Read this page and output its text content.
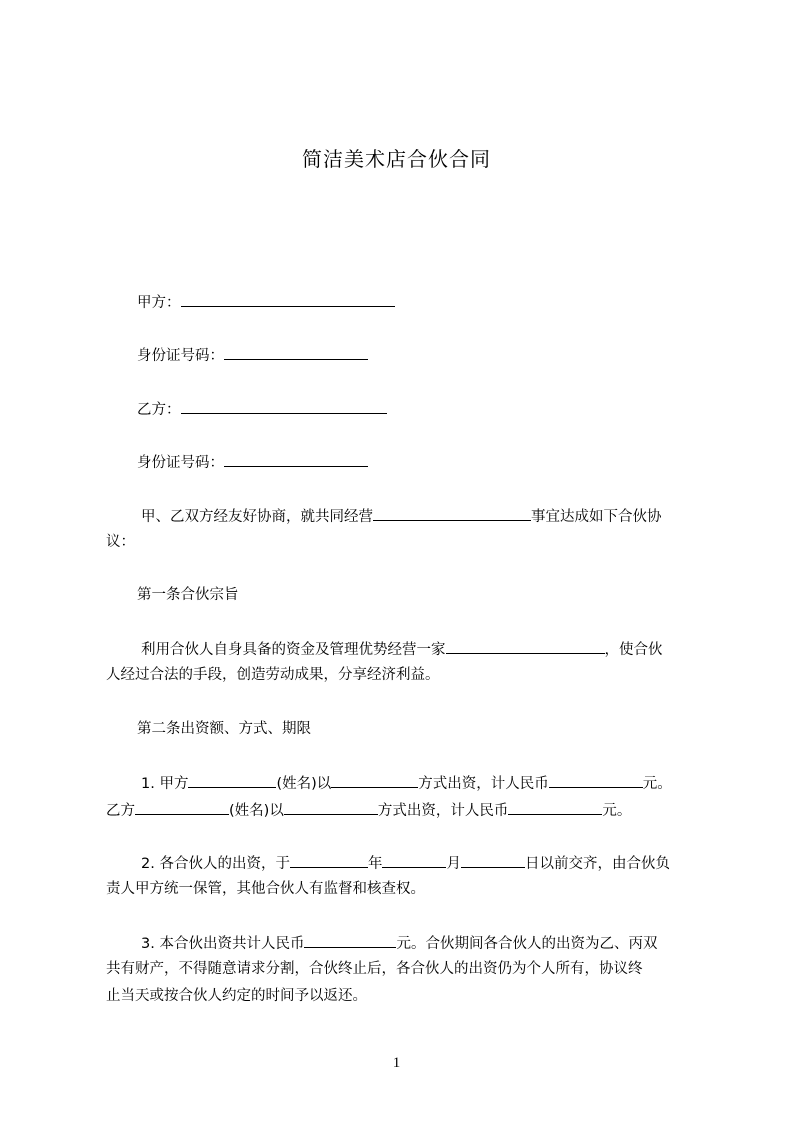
简洁美术店合伙合同
甲方：
身份证号码：
乙方：
身份证号码：
甲、乙双方经友好协商，就共同经营	事宜达成如下合伙协
议：
第一条合伙宗旨
利用合伙人自身具备的资金及管理优势经营一家	，使合伙
人经过合法的手段，创造劳动成果，分享经济利益。
第二条出资额、方式、期限
1. 甲方	(姓名)以	方式出资，计人民币	元。
乙方	(姓名)以	方式出资，计人民币	元。
2. 各合伙人的出资，于	年	月	日以前交齐，由合伙负
责人甲方统一保管，其他合伙人有监督和核查权。
3. 本合伙出资共计人民币	元。合伙期间各合伙人的出资为乙、丙双
共有财产，不得随意请求分割，合伙终止后，各合伙人的出资仍为个人所有，协议终
止当天或按合伙人约定的时间予以返还。
1
